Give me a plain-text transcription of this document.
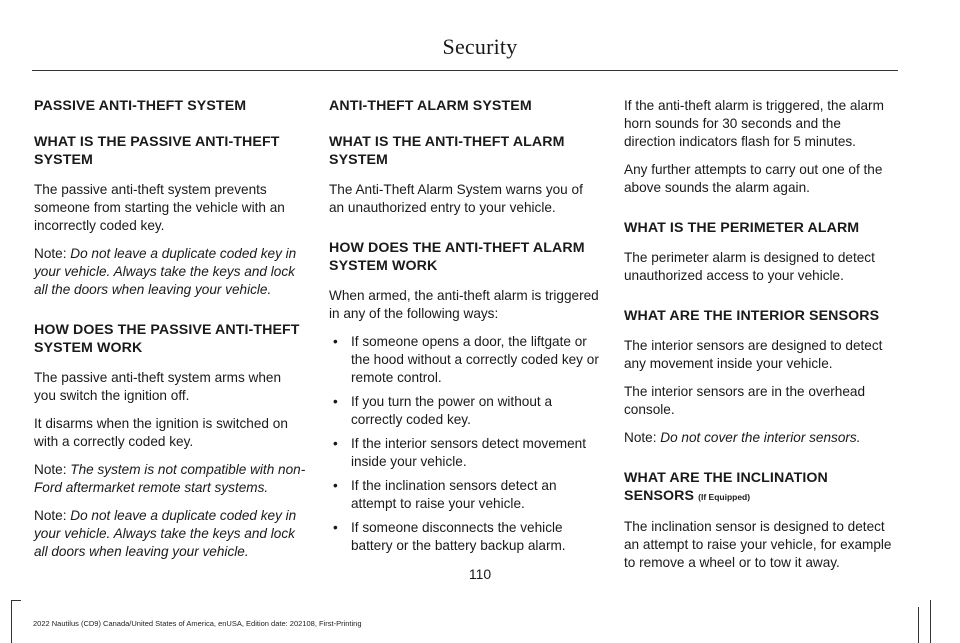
Security
PASSIVE ANTI-THEFT SYSTEM
WHAT IS THE PASSIVE ANTI-THEFT SYSTEM

The passive anti-theft system prevents someone from starting the vehicle with an incorrectly coded key.

Note: Do not leave a duplicate coded key in your vehicle. Always take the keys and lock all the doors when leaving your vehicle.

HOW DOES THE PASSIVE ANTI-THEFT SYSTEM WORK

The passive anti-theft system arms when you switch the ignition off.

It disarms when the ignition is switched on with a correctly coded key.

Note: The system is not compatible with non-Ford aftermarket remote start systems.

Note: Do not leave a duplicate coded key in your vehicle. Always take the keys and lock all doors when leaving your vehicle.

ANTI-THEFT ALARM SYSTEM
WHAT IS THE ANTI-THEFT ALARM SYSTEM

The Anti-Theft Alarm System warns you of an unauthorized entry to your vehicle.

HOW DOES THE ANTI-THEFT ALARM SYSTEM WORK

When armed, the anti-theft alarm is triggered in any of the following ways:

• If someone opens a door, the liftgate or the hood without a correctly coded key or remote control.
• If you turn the power on without a correctly coded key.
• If the interior sensors detect movement inside your vehicle.
• If the inclination sensors detect an attempt to raise your vehicle.
• If someone disconnects the vehicle battery or the battery backup alarm.

If the anti-theft alarm is triggered, the alarm horn sounds for 30 seconds and the direction indicators flash for 5 minutes.

Any further attempts to carry out one of the above sounds the alarm again.

WHAT IS THE PERIMETER ALARM

The perimeter alarm is designed to detect unauthorized access to your vehicle.

WHAT ARE THE INTERIOR SENSORS

The interior sensors are designed to detect any movement inside your vehicle.

The interior sensors are in the overhead console.

Note: Do not cover the interior sensors.

WHAT ARE THE INCLINATION SENSORS (If Equipped)

The inclination sensor is designed to detect an attempt to raise your vehicle, for example to remove a wheel or to tow it away.

110
2022 Nautilus (CD9) Canada/United States of America, enUSA, Edition date: 202108, First-Printing
